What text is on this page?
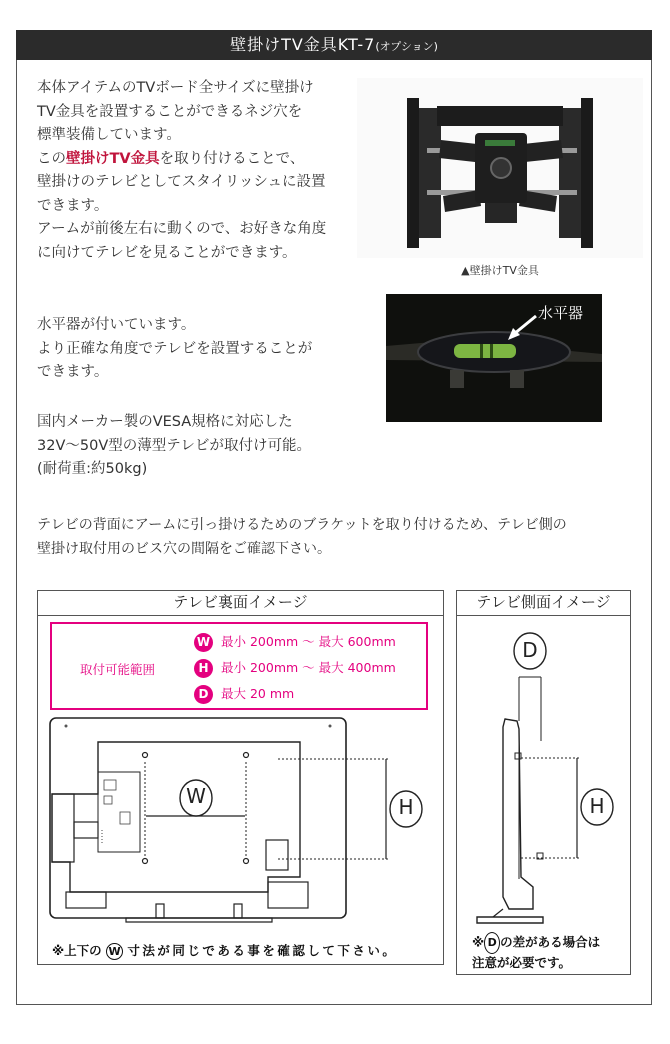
壁掛けTV金具KT-7(オプション)
本体アイテムのTVボード全サイズに壁掛け
TV金具を設置することができるネジ穴を
標準装備しています。
この壁掛けTV金具を取り付けることで、
壁掛けのテレビとしてスタイリッシュに設置
できます。
アームが前後左右に動くので、お好きな角度
に向けてテレビを見ることができます。
▲壁掛けTV金具
水平器が付いています。
より正確な角度でテレビを設置することが
できます。
水平器
国内メーカー製のVESA規格に対応した
32V～50V型の薄型テレビが取付け可能。
(耐荷重:約50kg)
テレビの背面にアームに引っ掛けるためのブラケットを取り付けるため、テレビ側の
壁掛け取付用のビス穴の間隔をご確認下さい。
テレビ裏面イメージ
取付可能範囲
W 最小 200mm ～ 最大 600mm
H 最小 200mm ～ 最大 400mm
D 最大 20 mm
W	H
※上下の W 寸法が同じである事を確認して下さい。
テレビ側面イメージ
D
H
※ D の差がある場合は
注意が必要です。
